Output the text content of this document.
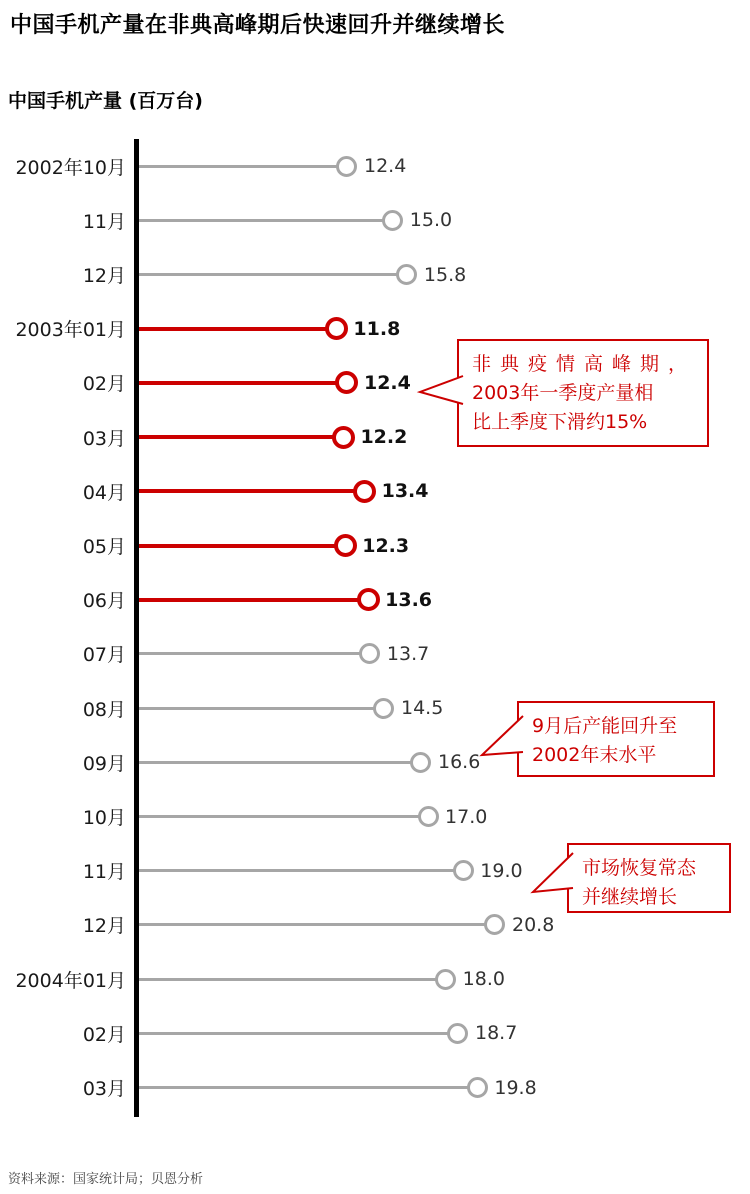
中国手机产量在非典高峰期后快速回升并继续增长
中国手机产量 (百万台)
2002年10月	12.4
11月	15.0
12月	15.8
2003年01月	11.8
02月	12.4
03月	12.2
04月	13.4
05月	12.3
06月	13.6
07月	13.7
08月	14.5
09月	16.6
10月	17.0
11月	19.0
12月	20.8
2004年01月	18.0
02月	18.7
03月	19.8
非典疫情高峰期，
2003年一季度产量相
比上季度下滑约15%
9月后产能回升至
2002年末水平
市场恢复常态
并继续增长
资料来源：国家统计局；贝恩分析
